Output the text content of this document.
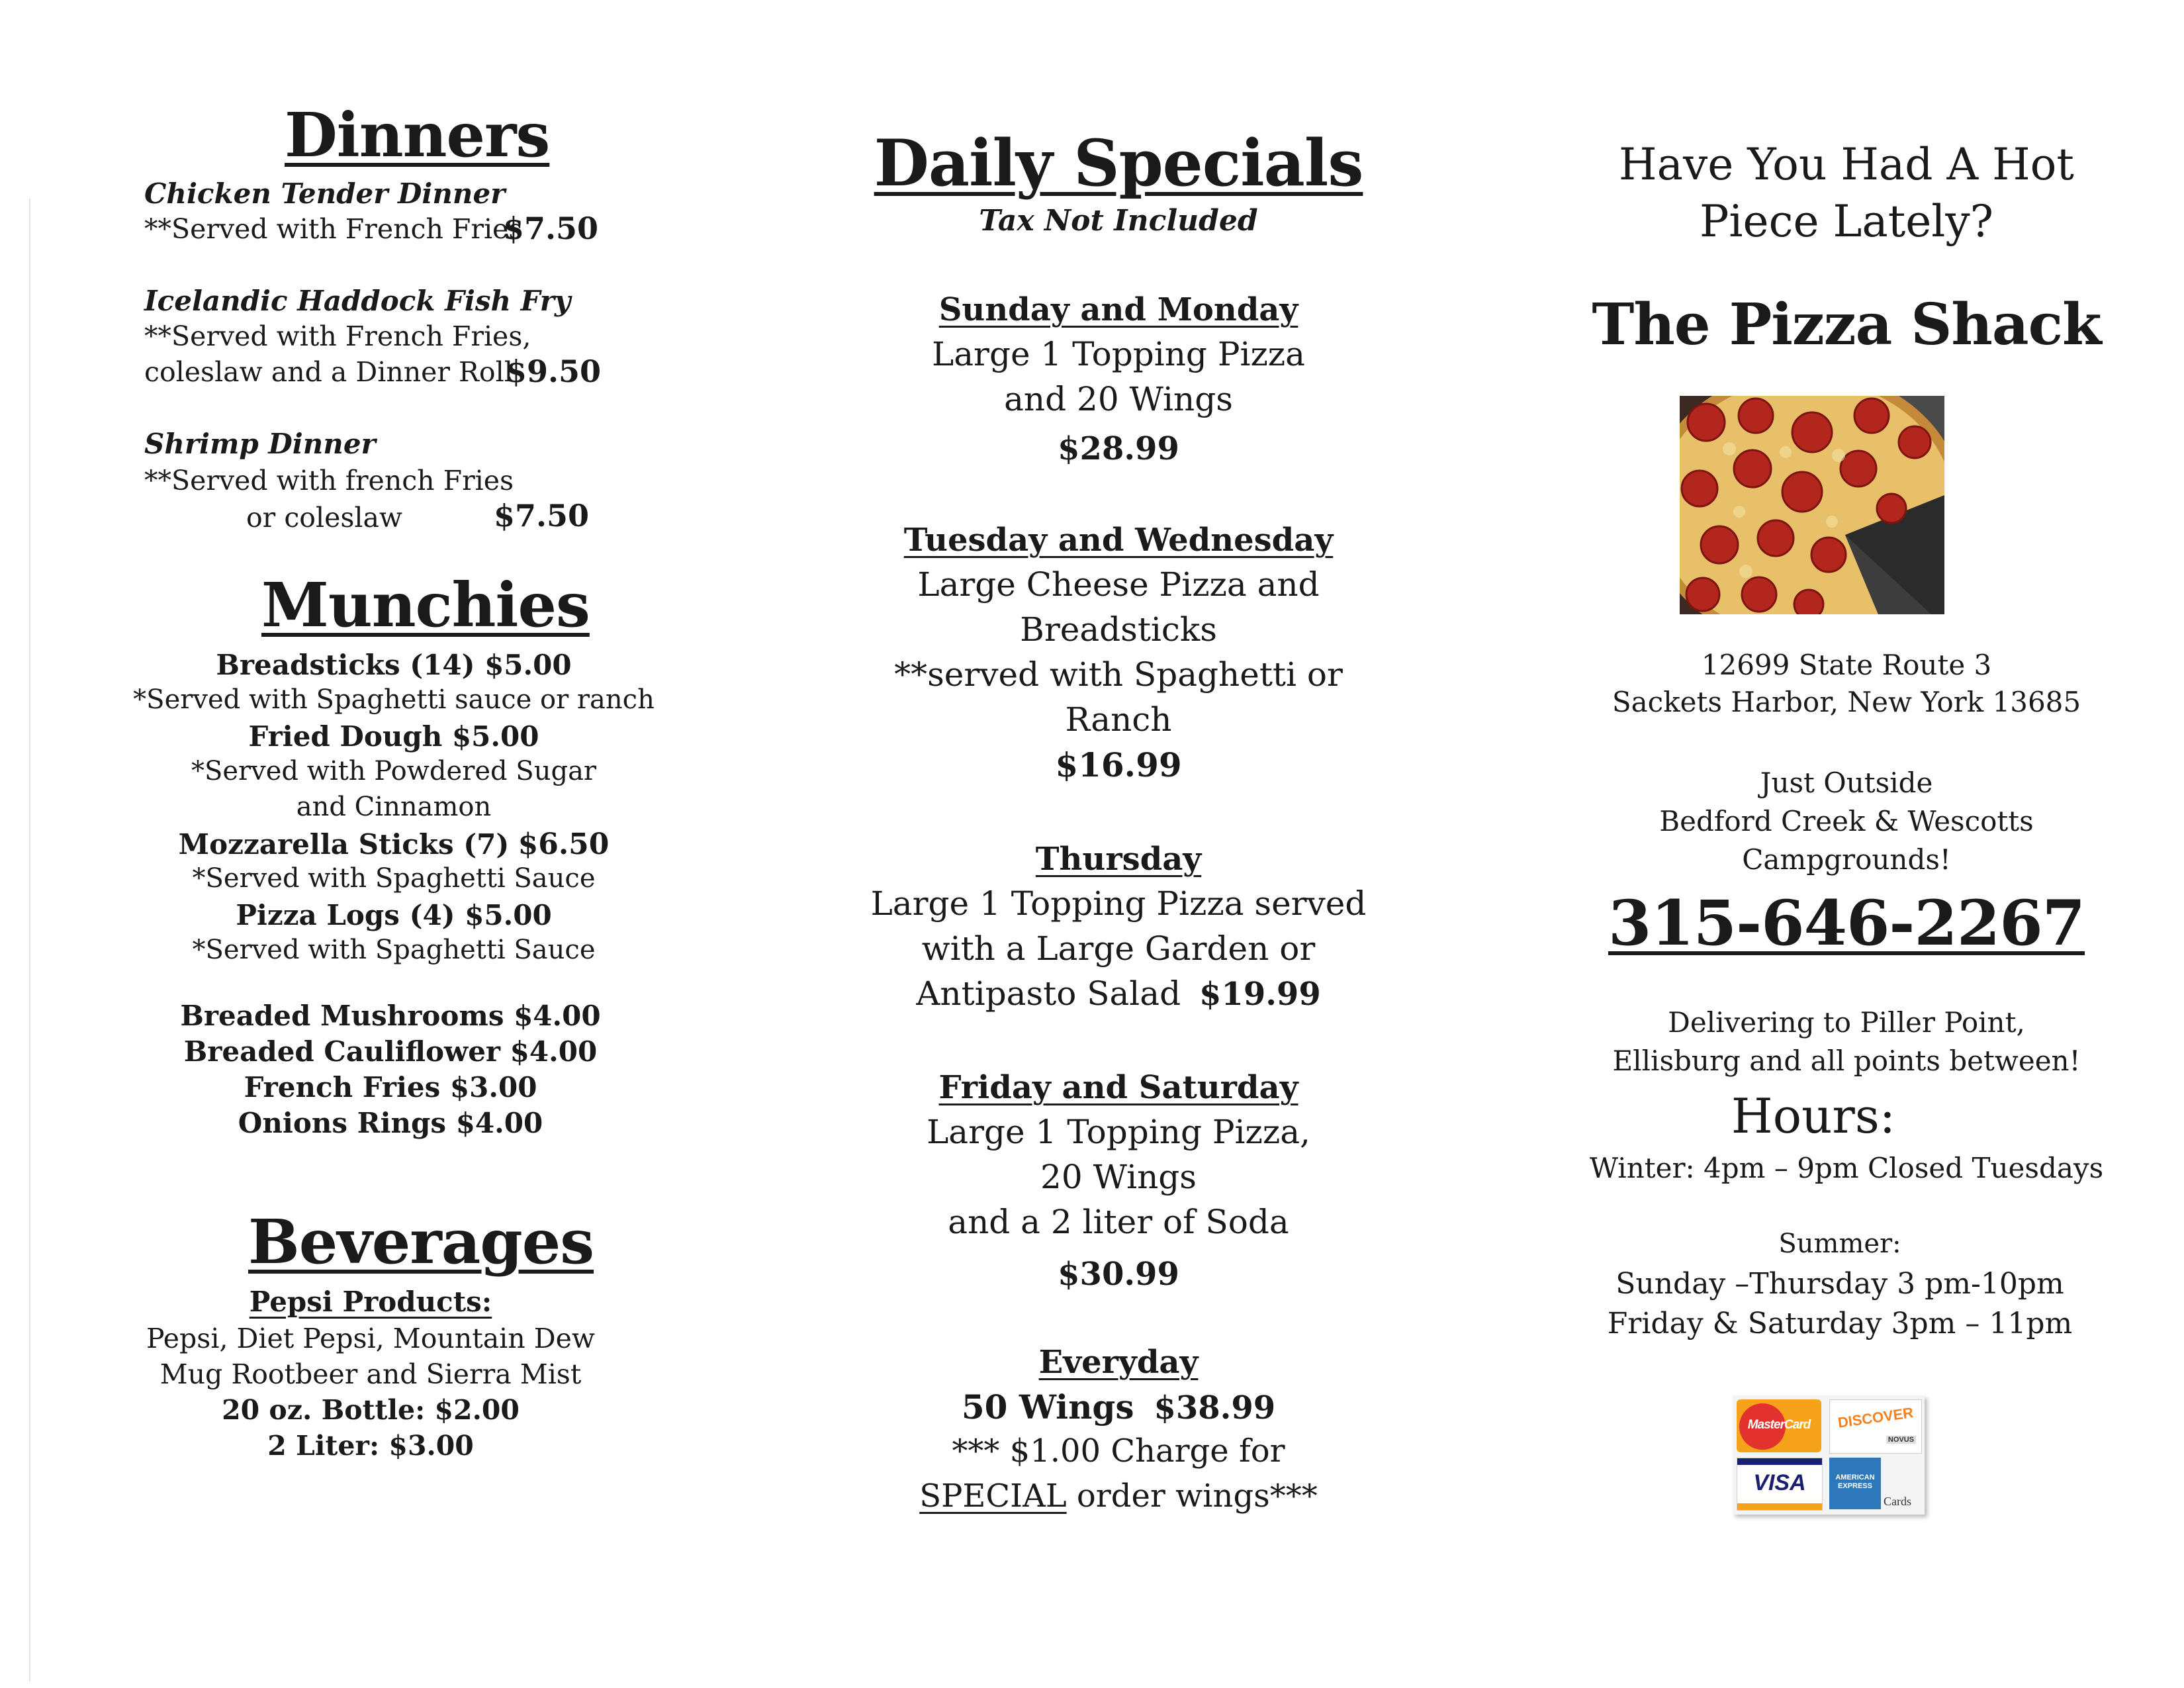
Dinners
Chicken Tender Dinner
**Served with French Fries
$7.50
Icelandic Haddock Fish Fry
**Served with French Fries,
coleslaw and a Dinner Roll
$9.50
Shrimp Dinner
**Served with french Fries
or coleslaw	$7.50
Munchies
Breadsticks (14) $5.00
*Served with Spaghetti sauce or ranch
Fried Dough $5.00
*Served with Powdered Sugar
and Cinnamon
Mozzarella Sticks (7) $6.50
*Served with Spaghetti Sauce
Pizza Logs (4) $5.00
*Served with Spaghetti Sauce
Breaded Mushrooms $4.00
Breaded Cauliflower $4.00
French Fries $3.00
Onions Rings $4.00
Beverages
Pepsi Products:
Pepsi, Diet Pepsi, Mountain Dew
Mug Rootbeer and Sierra Mist
20 oz. Bottle: $2.00
2 Liter: $3.00
Daily Specials
Tax Not Included
Sunday and Monday
Large 1 Topping Pizza
and 20 Wings
$28.99
Tuesday and Wednesday
Large Cheese Pizza and
Breadsticks
**served with Spaghetti or
Ranch
$16.99
Thursday
Large 1 Topping Pizza served
with a Large Garden or
Antipasto Salad $19.99
Friday and Saturday
Large 1 Topping Pizza,
20 Wings
and a 2 liter of Soda
$30.99
Everyday
50 Wings $38.99
*** $1.00 Charge for
SPECIAL order wings***
Have You Had A Hot
Piece Lately?
The Pizza Shack
12699 State Route 3
Sackets Harbor, New York 13685
Just Outside
Bedford Creek & Wescotts
Campgrounds!
315-646-2267
Delivering to Piller Point,
Ellisburg and all points between!
Hours:
Winter: 4pm – 9pm Closed Tuesdays
Summer:
Sunday –Thursday 3 pm-10pm
Friday & Saturday 3pm – 11pm
MasterCard	DISCOVER
NOVUS
VISA	AMERICAN EXPRESS
Cards
